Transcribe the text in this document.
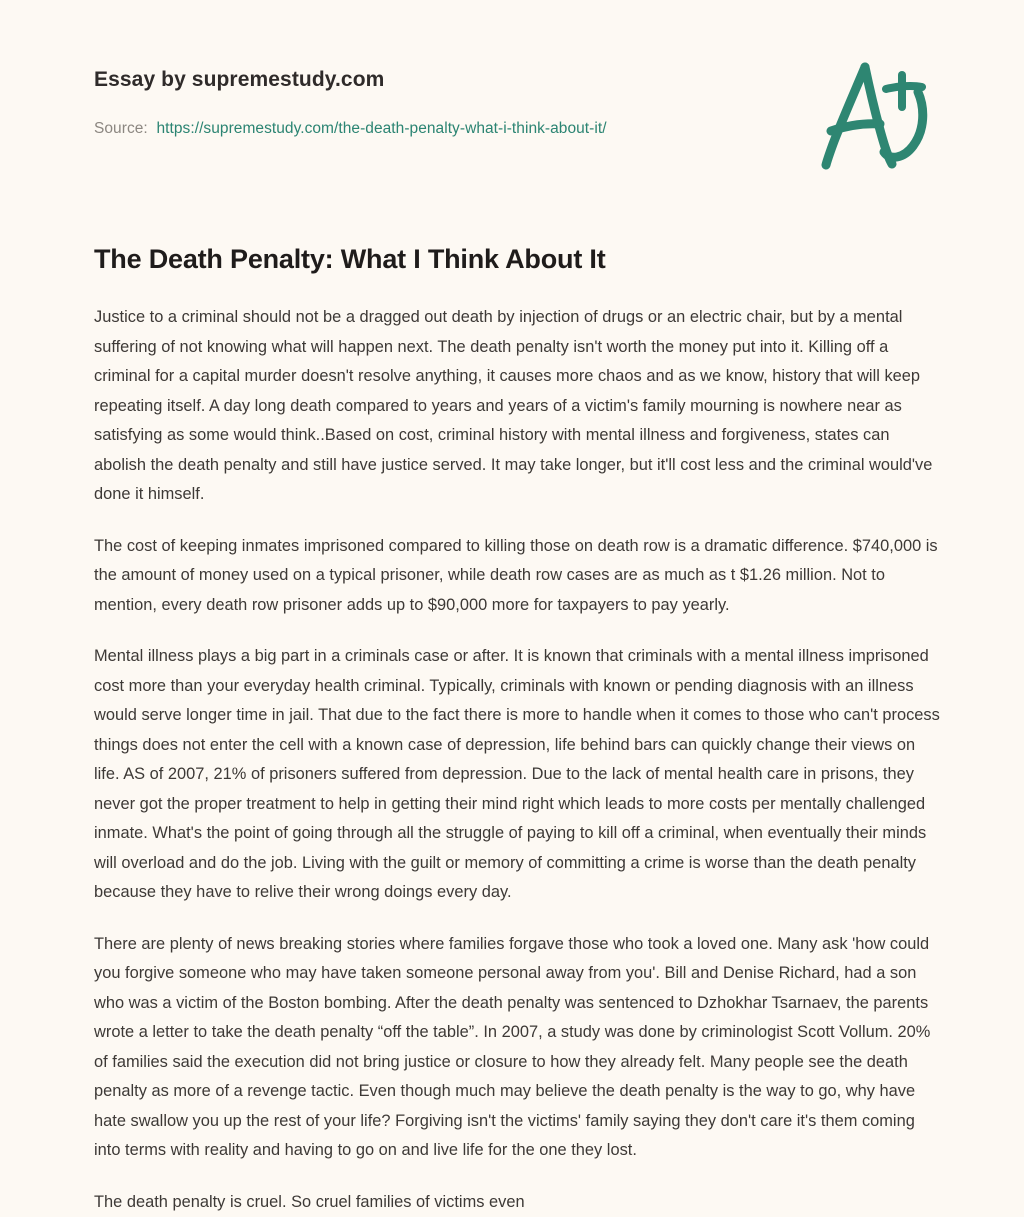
Essay by supremestudy.com
Source: https://supremestudy.com/the-death-penalty-what-i-think-about-it/
The Death Penalty: What I Think About It

Justice to a criminal should not be a dragged out death by injection of drugs or an electric chair, but by a mental suffering of not knowing what will happen next. The death penalty isn't worth the money put into it. Killing off a criminal for a capital murder doesn't resolve anything, it causes more chaos and as we know, history that will keep repeating itself. A day long death compared to years and years of a victim's family mourning is nowhere near as satisfying as some would think..Based on cost, criminal history with mental illness and forgiveness, states can abolish the death penalty and still have justice served. It may take longer, but it'll cost less and the criminal would've done it himself.

The cost of keeping inmates imprisoned compared to killing those on death row is a dramatic difference. $740,000 is the amount of money used on a typical prisoner, while death row cases are as much as t $1.26 million. Not to mention, every death row prisoner adds up to $90,000 more for taxpayers to pay yearly.

Mental illness plays a big part in a criminals case or after. It is known that criminals with a mental illness imprisoned cost more than your everyday health criminal. Typically, criminals with known or pending diagnosis with an illness would serve longer time in jail. That due to the fact there is more to handle when it comes to those who can't process things does not enter the cell with a known case of depression, life behind bars can quickly change their views on life. AS of 2007, 21% of prisoners suffered from depression. Due to the lack of mental health care in prisons, they never got the proper treatment to help in getting their mind right which leads to more costs per mentally challenged inmate. What's the point of going through all the struggle of paying to kill off a criminal, when eventually their minds will overload and do the job. Living with the guilt or memory of committing a crime is worse than the death penalty because they have to relive their wrong doings every day.

There are plenty of news breaking stories where families forgave those who took a loved one. Many ask 'how could you forgive someone who may have taken someone personal away from you'. Bill and Denise Richard, had a son who was a victim of the Boston bombing. After the death penalty was sentenced to Dzhokhar Tsarnaev, the parents wrote a letter to take the death penalty “off the table”. In 2007, a study was done by criminologist Scott Vollum. 20% of families said the execution did not bring justice or closure to how they already felt. Many people see the death penalty as more of a revenge tactic. Even though much may believe the death penalty is the way to go, why have hate swallow you up the rest of your life? Forgiving isn't the victims' family saying they don't care it's them coming into terms with reality and having to go on and live life for the one they lost.

The death penalty is cruel. So cruel families of victims even
